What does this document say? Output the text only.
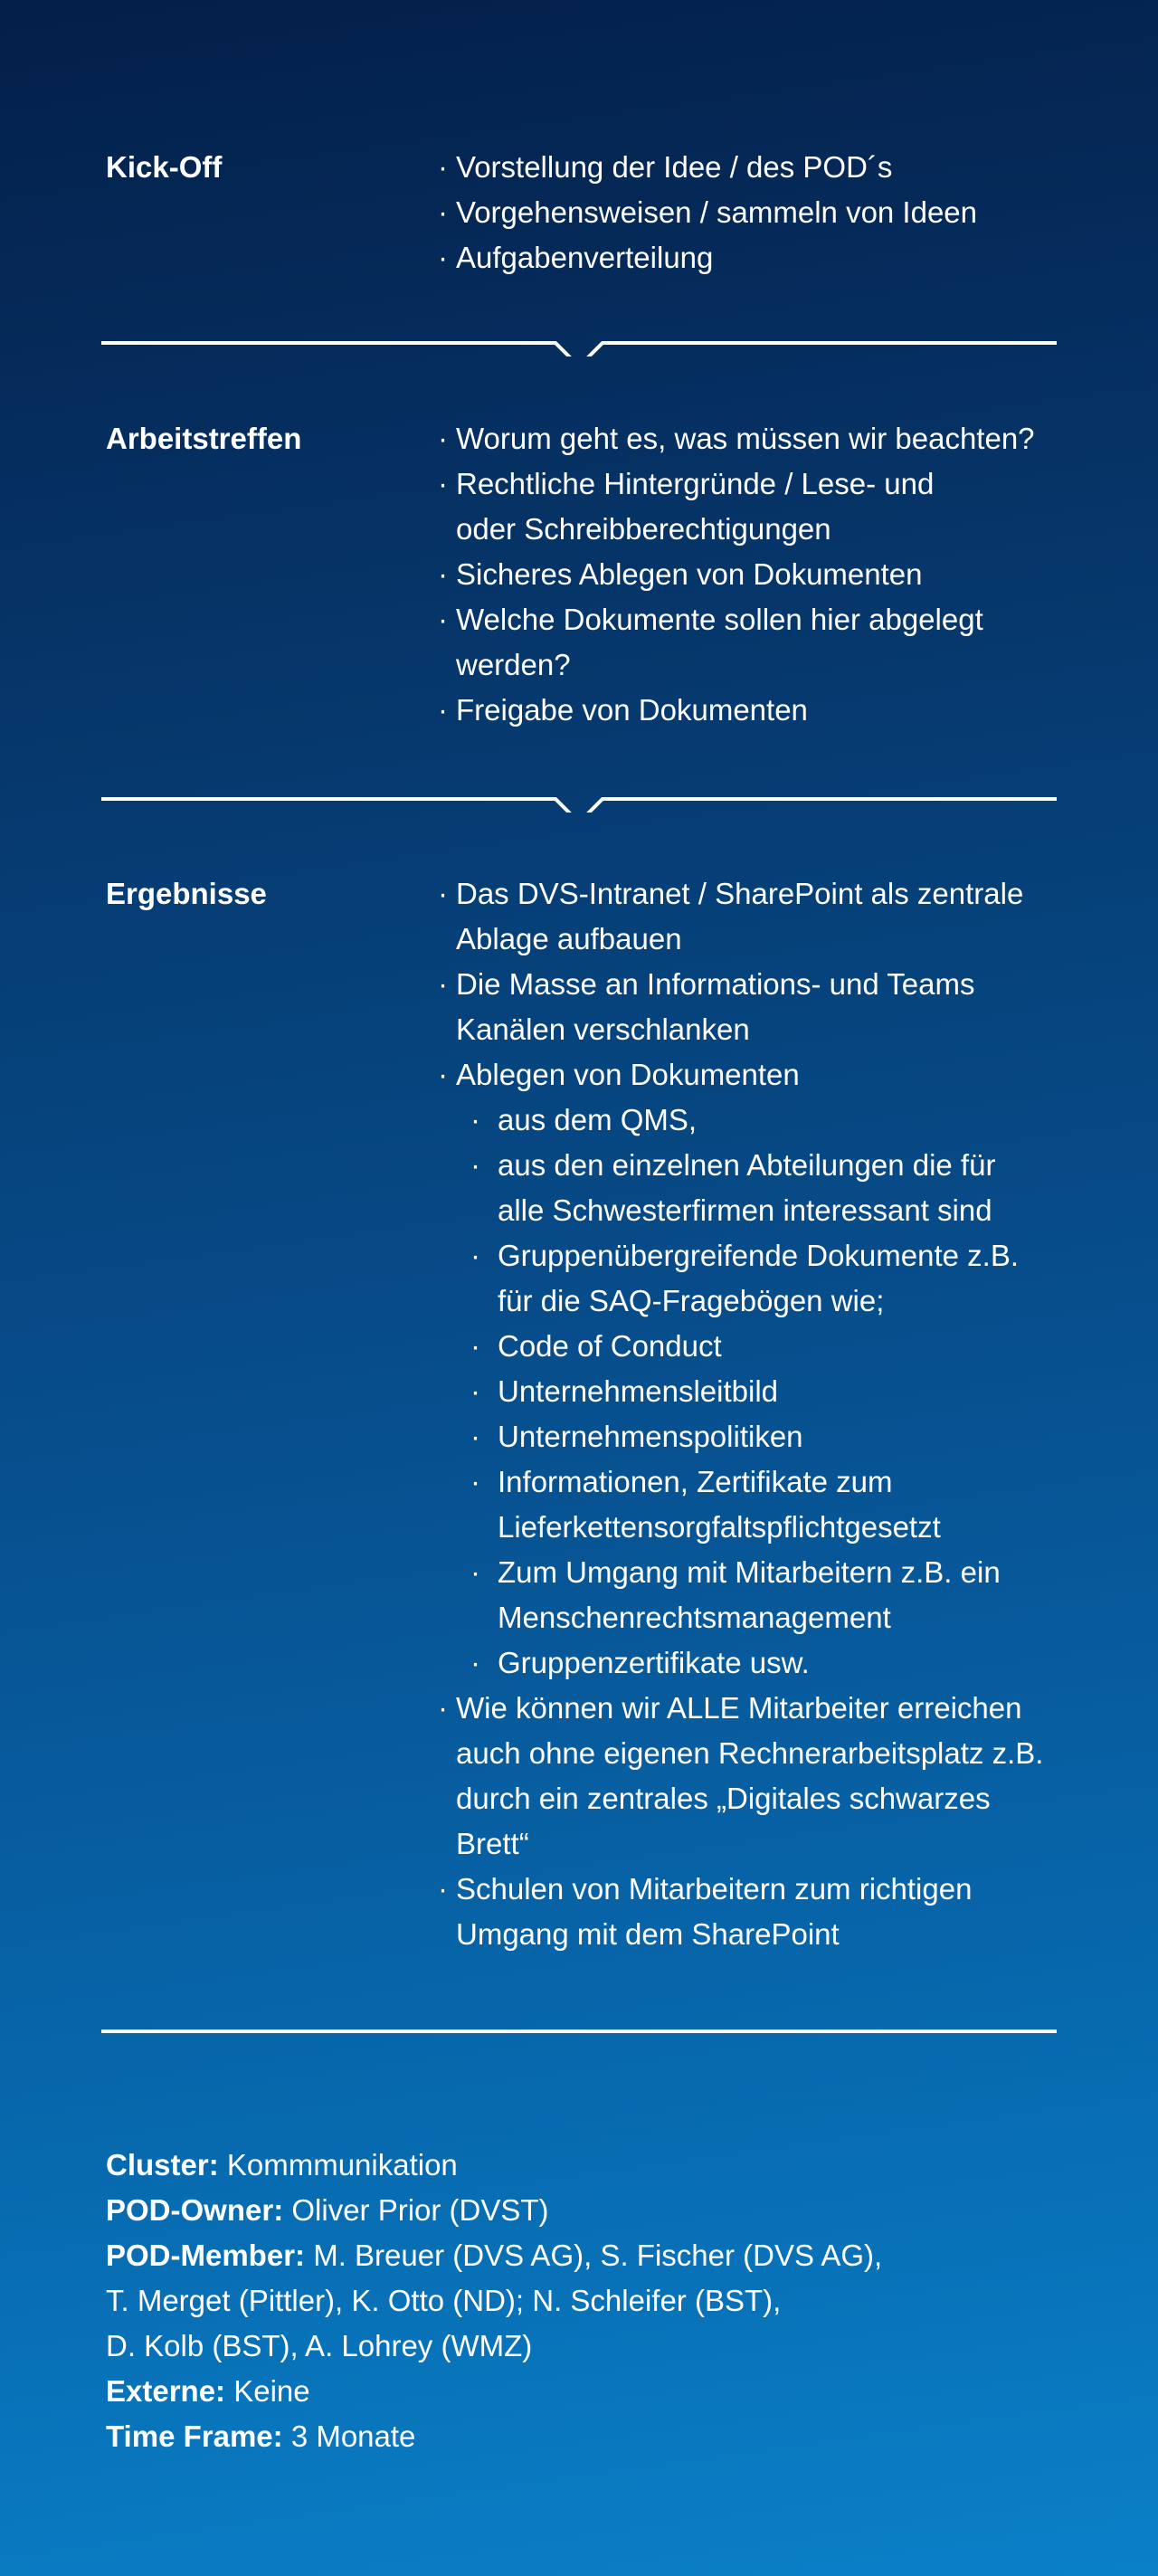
Kick-Off	· Vorstellung der Idee / des POD´s
· Vorgehensweisen / sammeln von Ideen
· Aufgabenverteilung
Arbeitstreffen	· Worum geht es, was müssen wir beachten?
· Rechtliche Hintergründe / Lese- und
oder Schreibberechtigungen
· Sicheres Ablegen von Dokumenten
· Welche Dokumente sollen hier abgelegt
werden?
· Freigabe von Dokumenten
Ergebnisse	· Das DVS-Intranet / SharePoint als zentrale
Ablage aufbauen
· Die Masse an Informations- und Teams
Kanälen verschlanken
· Ablegen von Dokumenten
· aus dem QMS,
· aus den einzelnen Abteilungen die für
alle Schwesterfirmen interessant sind
· Gruppenübergreifende Dokumente z.B.
für die SAQ-Fragebögen wie;
· Code of Conduct
· Unternehmensleitbild
· Unternehmenspolitiken
· Informationen, Zertifikate zum
Lieferkettensorgfaltspflichtgesetzt
· Zum Umgang mit Mitarbeitern z.B. ein
Menschenrechtsmanagement
· Gruppenzertifikate usw.
· Wie können wir ALLE Mitarbeiter erreichen
auch ohne eigenen Rechnerarbeitsplatz z.B.
durch ein zentrales „Digitales schwarzes
Brett“
· Schulen von Mitarbeitern zum richtigen
Umgang mit dem SharePoint
Cluster: Kommmunikation
POD-Owner: Oliver Prior (DVST)
POD-Member: M. Breuer (DVS AG), S. Fischer (DVS AG),
T. Merget (Pittler), K. Otto (ND); N. Schleifer (BST),
D. Kolb (BST), A. Lohrey (WMZ)
Externe: Keine
Time Frame: 3 Monate
